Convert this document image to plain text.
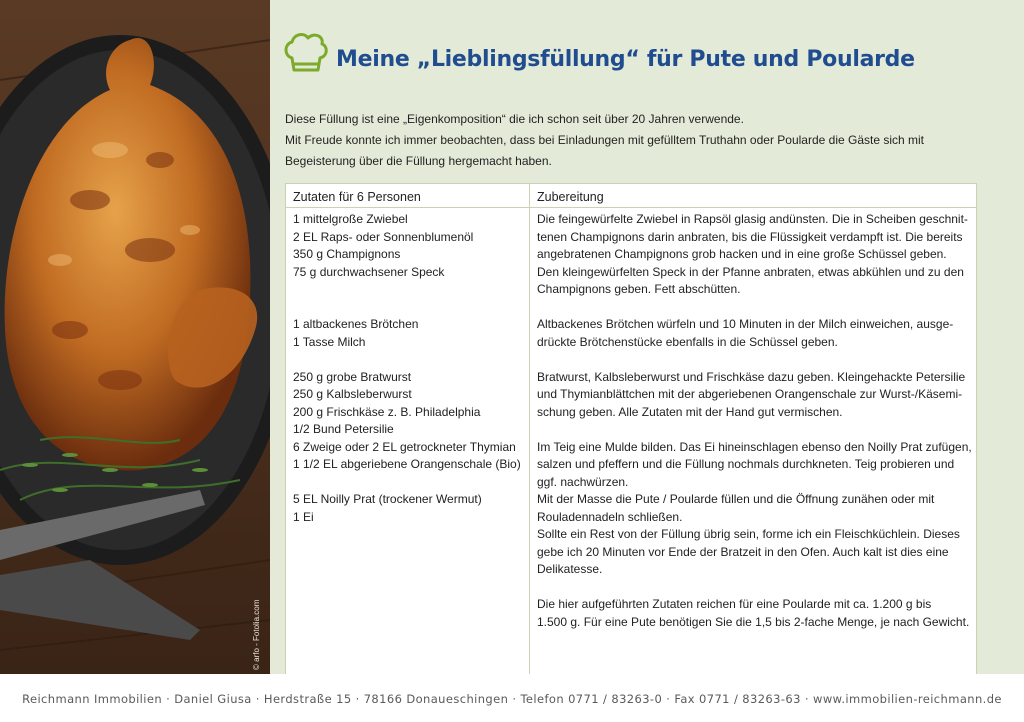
© arfo - Fotolia.com
Meine „Lieblingsfüllung“ für Pute und Poularde

Diese Füllung ist eine „Eigenkomposition“ die ich schon seit über 20 Jahren verwende.

Mit Freude konnte ich immer beobachten, dass bei Einladungen mit gefülltem Truthahn oder Poularde die Gäste sich mit

Begeisterung über die Füllung hergemacht haben.

Zutaten für 6 Personen
1 mittelgroße Zwiebel
2 EL Raps- oder Sonnenblumenöl
350 g Champignons
75 g durchwachsener Speck
1 altbackenes Brötchen
1 Tasse Milch
250 g grobe Bratwurst
250 g Kalbsleberwurst
200 g Frischkäse z. B. Philadelphia
1/2 Bund Petersilie
6 Zweige oder 2 EL getrockneter Thymian
1 1/2 EL abgeriebene Orangenschale (Bio)
5 EL Noilly Prat (trockener Wermut)
1 Ei
Zubereitung
Die feingewürfelte Zwiebel in Rapsöl glasig andünsten. Die in Scheiben geschnit-
tenen Champignons darin anbraten, bis die Flüssigkeit verdampft ist. Die bereits
angebratenen Champignons grob hacken und in eine große Schüssel geben.
Den kleingewürfelten Speck in der Pfanne anbraten, etwas abkühlen und zu den
Champignons geben. Fett abschütten.
Altbackenes Brötchen würfeln und 10 Minuten in der Milch einweichen, ausge-
drückte Brötchenstücke ebenfalls in die Schüssel geben.
Bratwurst, Kalbsleberwurst und Frischkäse dazu geben. Kleingehackte Petersilie
und Thymianblättchen mit der abgeriebenen Orangenschale zur Wurst-/Käsemi-
schung geben. Alle Zutaten mit der Hand gut vermischen.
Im Teig eine Mulde bilden. Das Ei hineinschlagen ebenso den Noilly Prat zufügen,
salzen und pfeffern und die Füllung nochmals durchkneten. Teig probieren und
ggf. nachwürzen.
Mit der Masse die Pute / Poularde füllen und die Öffnung zunähen oder mit
Rouladennadeln schließen.
Sollte ein Rest von der Füllung übrig sein, forme ich ein Fleischküchlein. Dieses
gebe ich 20 Minuten vor Ende der Bratzeit in den Ofen. Auch kalt ist dies eine
Delikatesse.
Die hier aufgeführten Zutaten reichen für eine Poularde mit ca. 1.200 g bis
1.500 g. Für eine Pute benötigen Sie die 1,5 bis 2-fache Menge, je nach Gewicht.
Reichmann Immobilien · Daniel Giusa · Herdstraße 15 · 78166 Donaueschingen · Telefon 0771 / 83263-0 · Fax 0771 / 83263-63 · www.immobilien-reichmann.de
